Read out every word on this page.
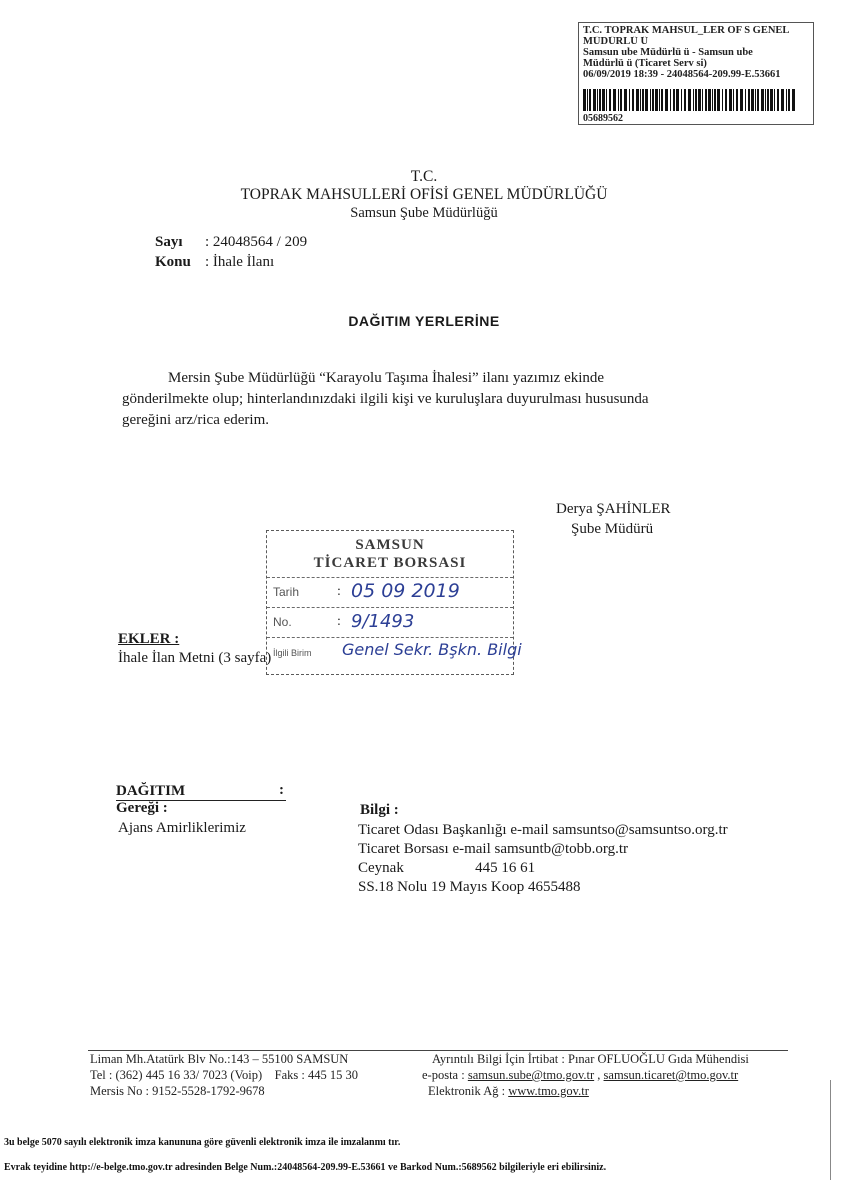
T.C. TOPRAK MAHSUL_LER OF S GENEL
MÜDÜRLÜ Ü
Samsun ube Müdürlü ü - Samsun ube
Müdürlü ü (Ticaret Serv si)
06/09/2019 18:39 - 24048564-209.99-E.53661
05689562
T.C.
TOPRAK MAHSULLERİ OFİSİ GENEL MÜDÜRLÜĞÜ
Samsun Şube Müdürlüğü
Sayı : 24048564 / 209
Konu : İhale İlanı
DAĞITIM YERLERİNE
Mersin Şube Müdürlüğü “Karayolu Taşıma İhalesi” ilanı yazımız ekinde
gönderilmekte olup; hinterlandınızdaki ilgili kişi ve kuruluşlara duyurulması hususunda
gereğini arz/rica ederim.
Derya ŞAHİNLER
Şube Müdürü
SAMSUN
TİCARET BORSASI
Tarih	: 05 09 2019
No.	: 9/1493
İlgili Birim Genel Sekr. Bşkn. Bilgi
EKLER :
İhale İlan Metni (3 sayfa)
DAĞITIM	:
Gereği :
Ajans Amirliklerimiz
Bilgi :
Ticaret Odası Başkanlığı e-mail samsuntso@samsuntso.org.tr
Ticaret Borsası e-mail samsuntb@tobb.org.tr
Ceynak                   445 16 61
SS.18 Nolu 19 Mayıs Koop 4655488
Liman Mh.Atatürk Blv No.:143 – 55100 SAMSUN
Tel : (362) 445 16 33/ 7023 (Voip)    Faks : 445 15 30
Mersis No : 9152-5528-1792-9678
Ayrıntılı Bilgi İçin İrtibat : Pınar OFLUOĞLU Gıda Mühendisi
e-posta : samsun.sube@tmo.gov.tr , samsun.ticaret@tmo.gov.tr
Elektronik Ağ : www.tmo.gov.tr
3u belge 5070 sayılı elektronik imza kanununa göre güvenli elektronik imza ile imzalanmı tır.
Evrak teyidine http://e-belge.tmo.gov.tr adresinden Belge Num.:24048564-209.99-E.53661 ve Barkod Num.:5689562 bilgileriyle eri ebilirsiniz.
